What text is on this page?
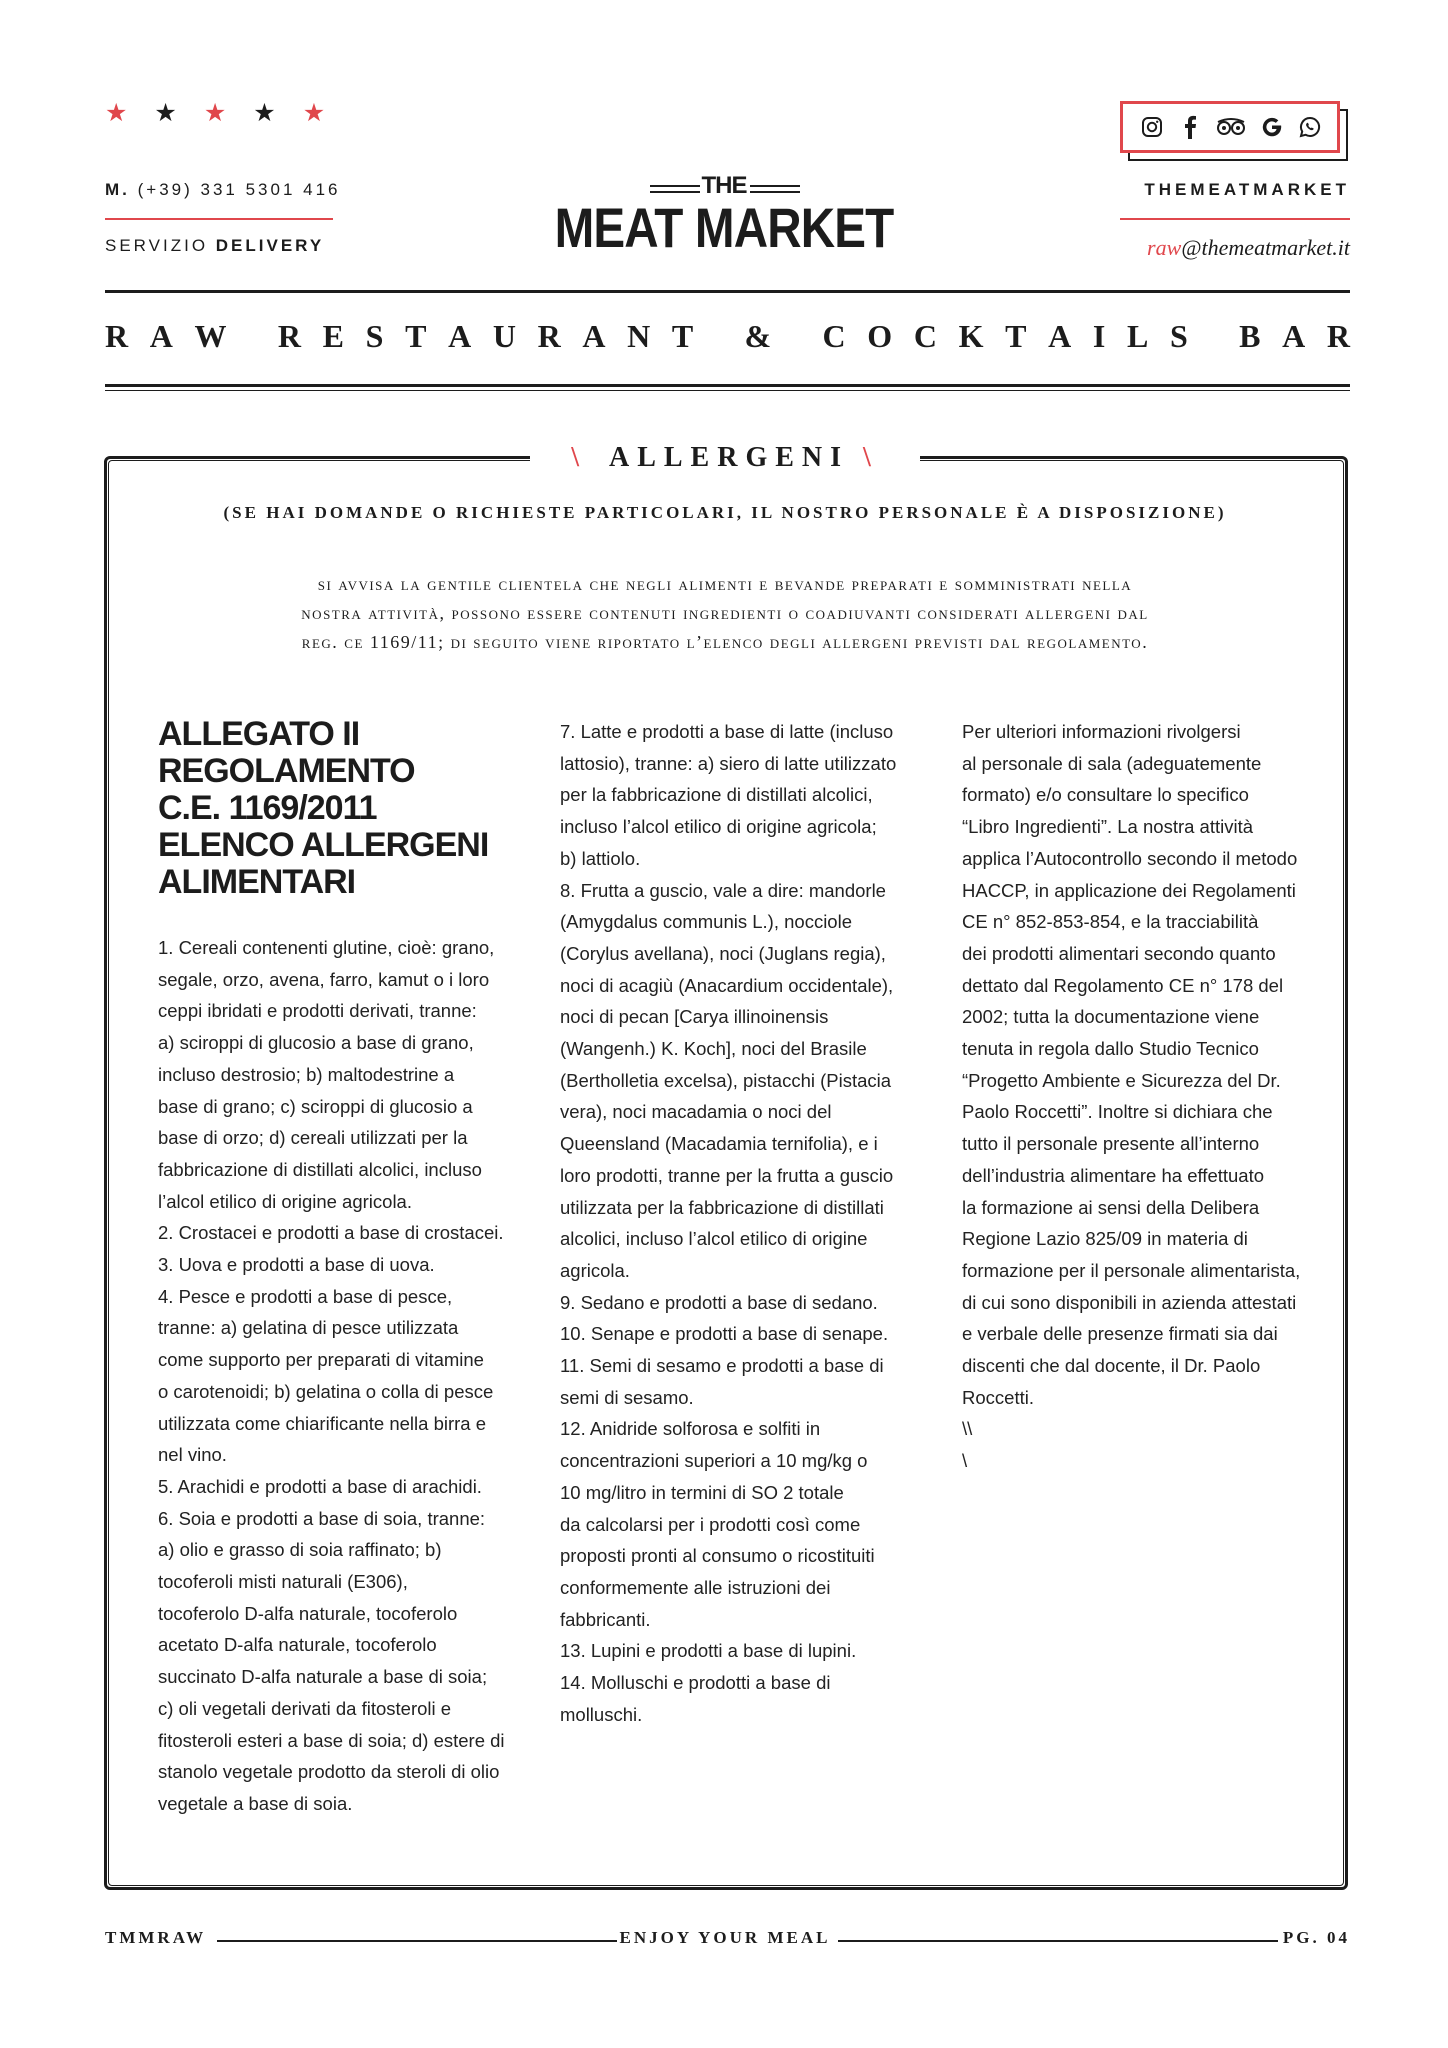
★ ★ ★ ★ ★
M. (+39) 331 5301 416
SERVIZIO DELIVERY
THE
MEAT MARKET
THEMEATMARKET
raw@themeatmarket.it
R A W
R E S T A U R A N T
&
C O C K T A I L S
B A R
\ ALLERGENI \
(SE HAI DOMANDE O RICHIESTE PARTICOLARI, IL NOSTRO PERSONALE È A DISPOSIZIONE)
si avvisa la gentile clientela che negli alimenti e bevande preparati e somministrati nella
nostra attività, possono essere contenuti ingredienti o coadiuvanti considerati allergeni dal
reg. ce 1169/11; di seguito viene riportato l’elenco degli allergeni previsti dal regolamento.
ALLEGATO II
REGOLAMENTO
C.E. 1169/2011
ELENCO ALLERGENI
ALIMENTARI

1. Cereali contenenti glutine, cioè: grano,

segale, orzo, avena, farro, kamut o i loro

ceppi ibridati e prodotti derivati, tranne:

a) sciroppi di glucosio a base di grano,

incluso destrosio; b) maltodestrine a

base di grano; c) sciroppi di glucosio a

base di orzo; d) cereali utilizzati per la

fabbricazione di distillati alcolici, incluso

l’alcol etilico di origine agricola.

2. Crostacei e prodotti a base di crostacei.

3. Uova e prodotti a base di uova.

4. Pesce e prodotti a base di pesce,

tranne: a) gelatina di pesce utilizzata

come supporto per preparati di vitamine

o carotenoidi; b) gelatina o colla di pesce

utilizzata come chiarificante nella birra e

nel vino.

5. Arachidi e prodotti a base di arachidi.

6. Soia e prodotti a base di soia, tranne:

a) olio e grasso di soia raffinato; b)

tocoferoli misti naturali (E306),

tocoferolo D-alfa naturale, tocoferolo

acetato D-alfa naturale, tocoferolo

succinato D-alfa naturale a base di soia;

c) oli vegetali derivati da fitosteroli e

fitosteroli esteri a base di soia; d) estere di

stanolo vegetale prodotto da steroli di olio

vegetale a base di soia.

7. Latte e prodotti a base di latte (incluso

lattosio), tranne: a) siero di latte utilizzato

per la fabbricazione di distillati alcolici,

incluso l’alcol etilico di origine agricola;

b) lattiolo.

8. Frutta a guscio, vale a dire: mandorle

(Amygdalus communis L.), nocciole

(Corylus avellana), noci (Juglans regia),

noci di acagiù (Anacardium occidentale),

noci di pecan [Carya illinoinensis

(Wangenh.) K. Koch], noci del Brasile

(Bertholletia excelsa), pistacchi (Pistacia

vera), noci macadamia o noci del

Queensland (Macadamia ternifolia), e i

loro prodotti, tranne per la frutta a guscio

utilizzata per la fabbricazione di distillati

alcolici, incluso l’alcol etilico di origine

agricola.

9. Sedano e prodotti a base di sedano.

10. Senape e prodotti a base di senape.

11. Semi di sesamo e prodotti a base di

semi di sesamo.

12. Anidride solforosa e solfiti in

concentrazioni superiori a 10 mg/kg o

10 mg/litro in termini di SO 2 totale

da calcolarsi per i prodotti così come

proposti pronti al consumo o ricostituiti

conformemente alle istruzioni dei

fabbricanti.

13. Lupini e prodotti a base di lupini.

14. Molluschi e prodotti a base di

molluschi.

Per ulteriori informazioni rivolgersi

al personale di sala (adeguatemente

formato) e/o consultare lo specifico

“Libro Ingredienti”. La nostra attività

applica l’Autocontrollo secondo il metodo

HACCP, in applicazione dei Regolamenti

CE n° 852-853-854, e la tracciabilità

dei prodotti alimentari secondo quanto

dettato dal Regolamento CE n° 178 del

2002; tutta la documentazione viene

tenuta in regola dallo Studio Tecnico

“Progetto Ambiente e Sicurezza del Dr.

Paolo Roccetti”. Inoltre si dichiara che

tutto il personale presente all’interno

dell’industria alimentare ha effettuato

la formazione ai sensi della Delibera

Regione Lazio 825/09 in materia di

formazione per il personale alimentarista,

di cui sono disponibili in azienda attestati

e verbale delle presenze firmati sia dai

discenti che dal docente, il Dr. Paolo

Roccetti.

\\

\

TMMRAW	ENJOY YOUR MEAL	PG. 04
